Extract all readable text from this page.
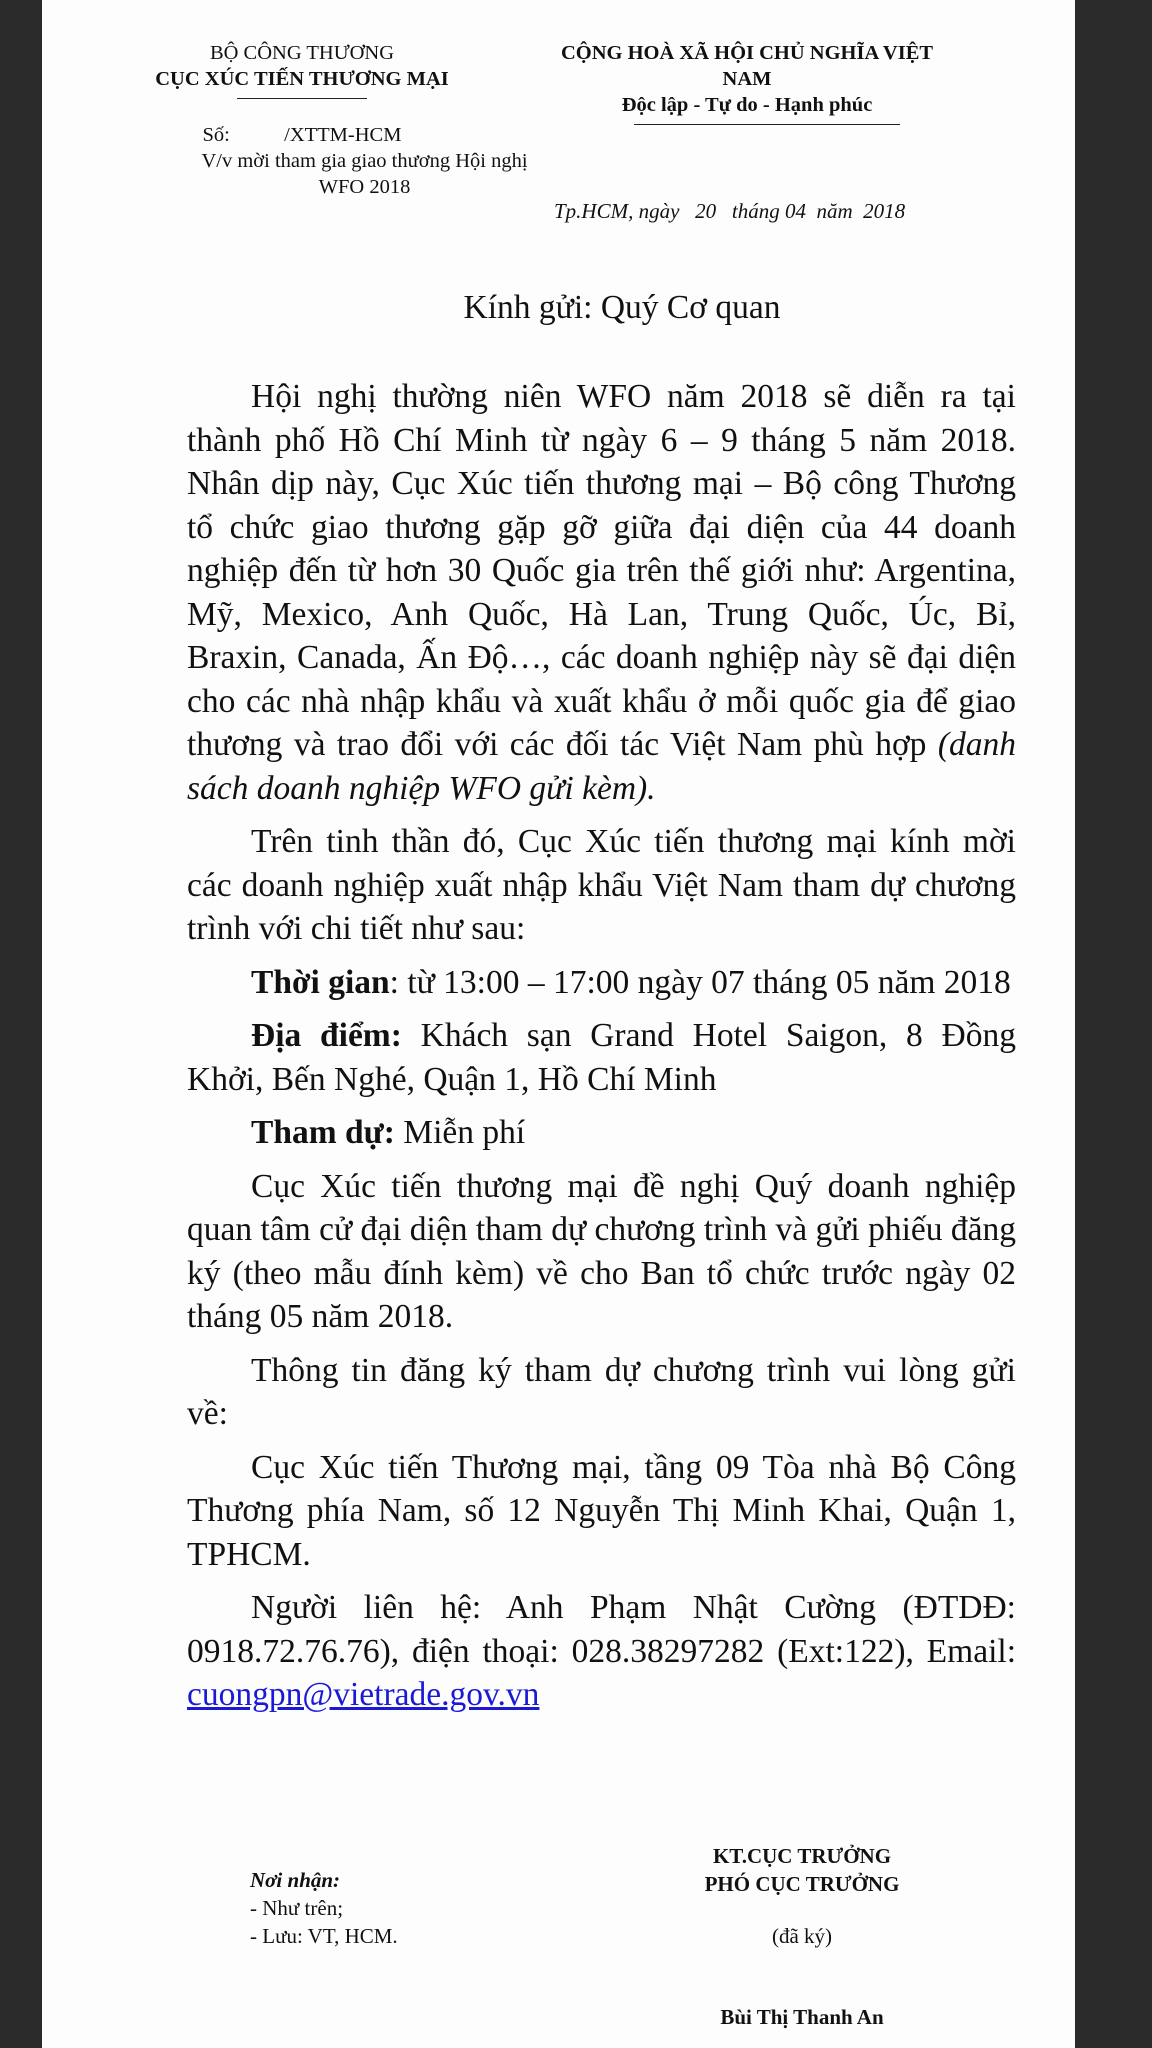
BỘ CÔNG THƯƠNG
CỤC XÚC TIẾN THƯƠNG MẠI
Số:	/XTTM-HCM
V/v mời tham gia giao thương Hội nghị
WFO 2018
CỘNG HOÀ XÃ HỘI CHỦ NGHĨA VIỆT
NAM
Độc lập - Tự do - Hạnh phúc
Tp.HCM, ngày   20   tháng 04  năm  2018
Kính gửi: Quý Cơ quan

Hội nghị thường niên WFO năm 2018 sẽ diễn ra tại thành phố Hồ Chí Minh từ ngày 6 – 9 tháng 5 năm 2018. Nhân dịp này, Cục Xúc tiến thương mại – Bộ công Thương tổ chức giao thương gặp gỡ giữa đại diện của 44 doanh nghiệp đến từ hơn 30 Quốc gia trên thế giới như: Argentina, Mỹ, Mexico, Anh Quốc, Hà Lan, Trung Quốc, Úc, Bỉ, Braxin, Canada, Ấn Độ…, các doanh nghiệp này sẽ đại diện cho các nhà nhập khẩu và xuất khẩu ở mỗi quốc gia để giao thương và trao đổi với các đối tác Việt Nam phù hợp (danh sách doanh nghiệp WFO gửi kèm).

Trên tinh thần đó, Cục Xúc tiến thương mại kính mời các doanh nghiệp xuất nhập khẩu Việt Nam tham dự chương trình với chi tiết như sau:

Thời gian: từ 13:00 – 17:00 ngày 07 tháng 05 năm 2018

Địa điểm: Khách sạn Grand Hotel Saigon, 8 Đồng Khởi, Bến Nghé, Quận 1, Hồ Chí Minh

Tham dự: Miễn phí

Cục Xúc tiến thương mại đề nghị Quý doanh nghiệp quan tâm cử đại diện tham dự chương trình và gửi phiếu đăng ký (theo mẫu đính kèm) về cho Ban tổ chức trước ngày 02 tháng 05 năm 2018.

Thông tin đăng ký tham dự chương trình vui lòng gửi về:

Cục Xúc tiến Thương mại, tầng 09 Tòa nhà Bộ Công Thương phía Nam, số 12 Nguyễn Thị Minh Khai, Quận 1, TPHCM.

Người liên hệ: Anh Phạm Nhật Cường (ĐTDĐ: 0918.72.76.76), điện thoại: 028.38297282 (Ext:122), Email: cuongpn@vietrade.gov.vn

Nơi nhận:
- Như trên;
- Lưu: VT, HCM.
KT.CỤC TRƯỞNG
PHÓ CỤC TRƯỞNG
(đã ký)
Bùi Thị Thanh An
